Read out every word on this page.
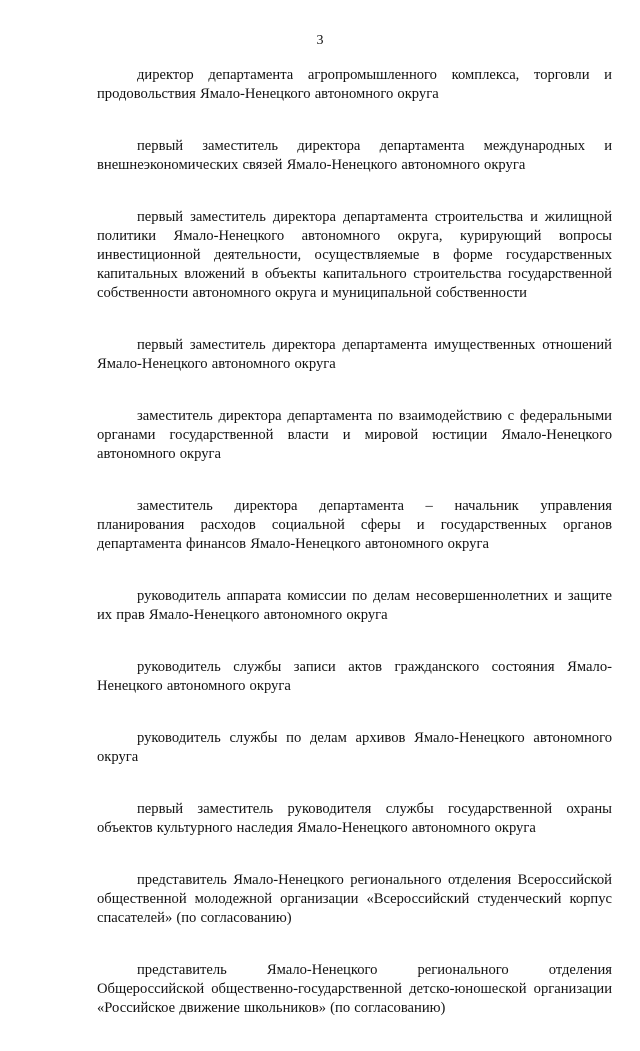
3

директор департамента агропромышленного комплекса, торговли и продовольствия Ямало-Ненецкого автономного округа

первый заместитель директора департамента международных и внешнеэкономических связей Ямало-Ненецкого автономного округа

первый заместитель директора департамента строительства и жилищной политики Ямало-Ненецкого автономного округа, курирующий вопросы инвестиционной деятельности, осуществляемые в форме государственных капитальных вложений в объекты капитального строительства государственной собственности автономного округа и муниципальной собственности

первый заместитель директора департамента имущественных отношений Ямало-Ненецкого автономного округа

заместитель директора департамента по взаимодействию с федеральными органами государственной власти и мировой юстиции Ямало-Ненецкого автономного округа

заместитель директора департамента – начальник управления планирования расходов социальной сферы и государственных органов департамента финансов Ямало-Ненецкого автономного округа

руководитель аппарата комиссии по делам несовершеннолетних и защите их прав Ямало-Ненецкого автономного округа

руководитель службы записи актов гражданского состояния Ямало-Ненецкого автономного округа

руководитель службы по делам архивов Ямало-Ненецкого автономного округа

первый заместитель руководителя службы государственной охраны объектов культурного наследия Ямало-Ненецкого автономного округа

представитель Ямало-Ненецкого регионального отделения Всероссийской общественной молодежной организации «Всероссийский студенческий корпус спасателей» (по согласованию)

представитель Ямало-Ненецкого регионального отделения Общероссийской общественно-государственной детско-юношеской организации «Российское движение школьников» (по согласованию)
